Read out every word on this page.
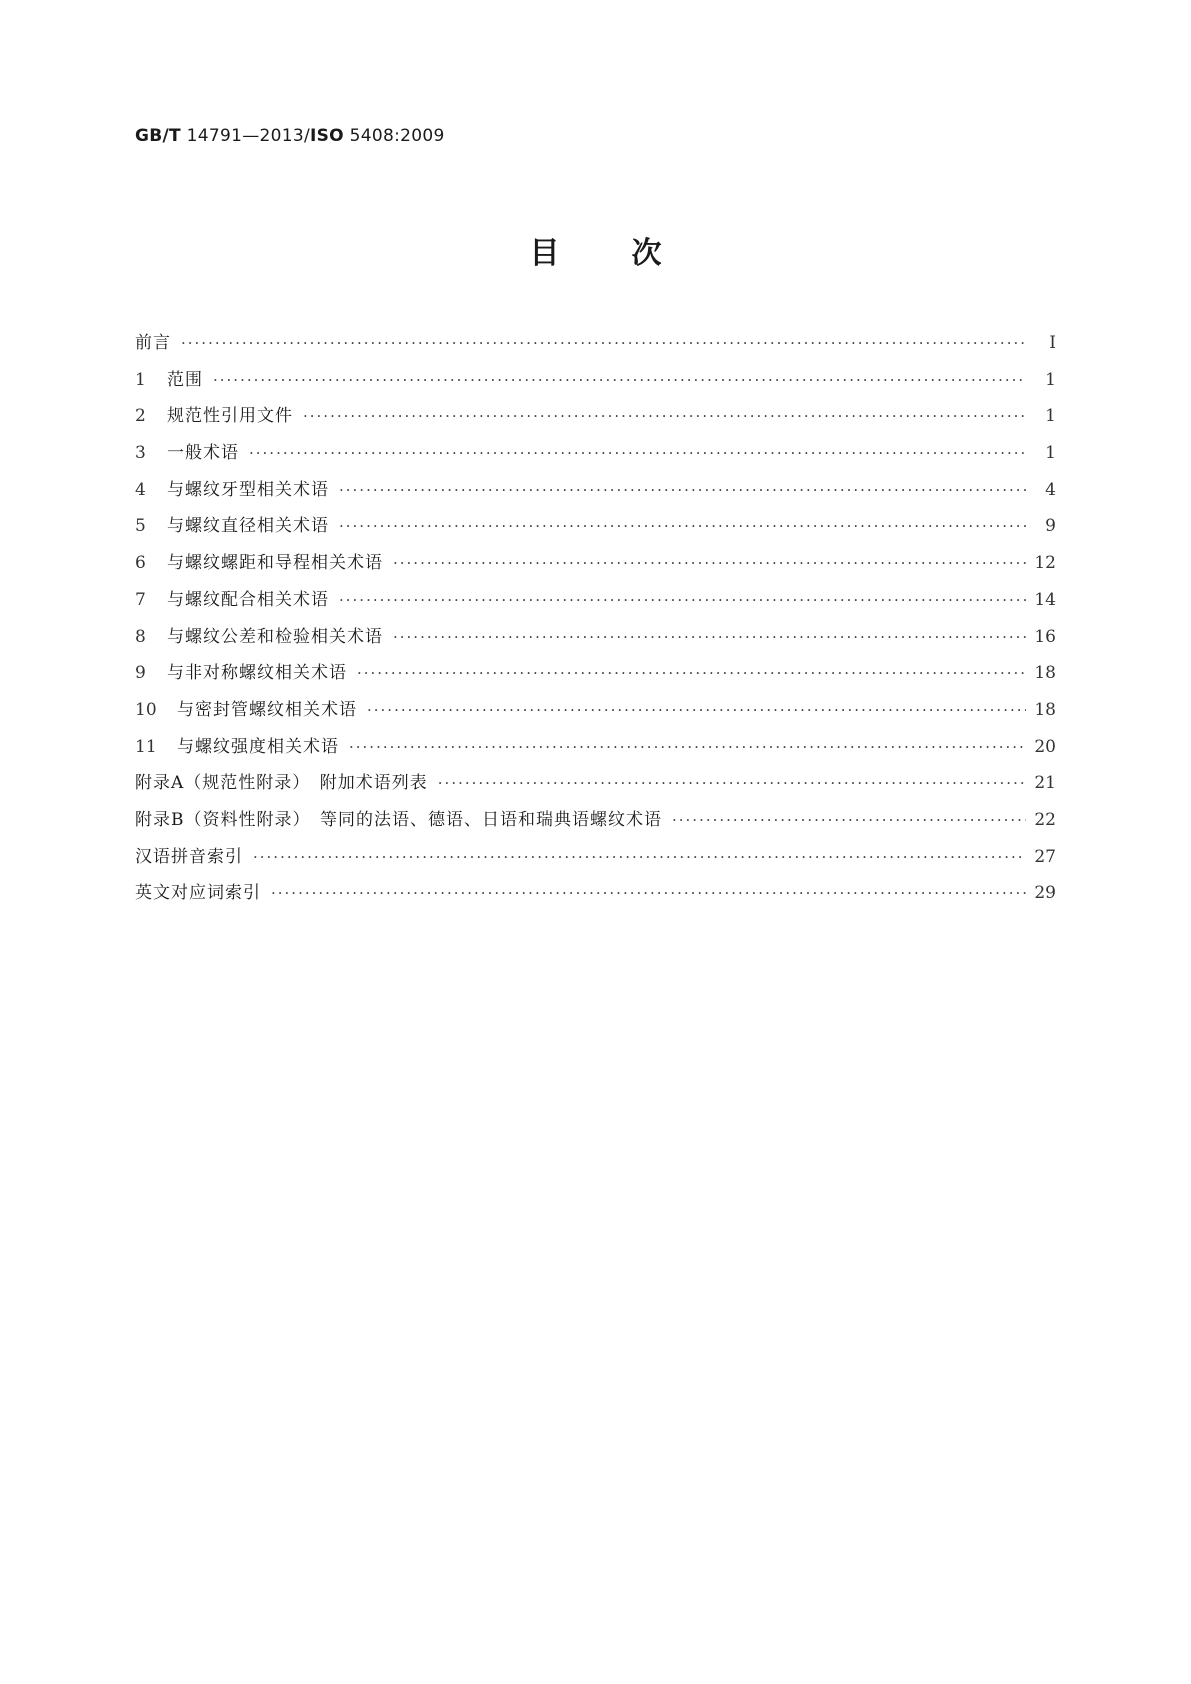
GB/T 14791—2013/ISO 5408:2009
目 次
前言 ·····	Ⅰ
1	范围 ·····	1
2	规范性引用文件 ·····	1
3	一般术语 ·····	1
4	与螺纹牙型相关术语 ·····	4
5	与螺纹直径相关术语 ·····	9
6	与螺纹螺距和导程相关术语 ·····	12
7	与螺纹配合相关术语 ·····	14
8	与螺纹公差和检验相关术语 ·····	16
9	与非对称螺纹相关术语 ·····	18
10	与密封管螺纹相关术语 ·····	18
11	与螺纹强度相关术语 ·····	20
附录A（规范性附录）　附加术语列表 ·····	21
附录B（资料性附录）　等同的法语、德语、日语和瑞典语螺纹术语 ·····	22
汉语拼音索引 ·····	27
英文对应词索引 ·····	29
